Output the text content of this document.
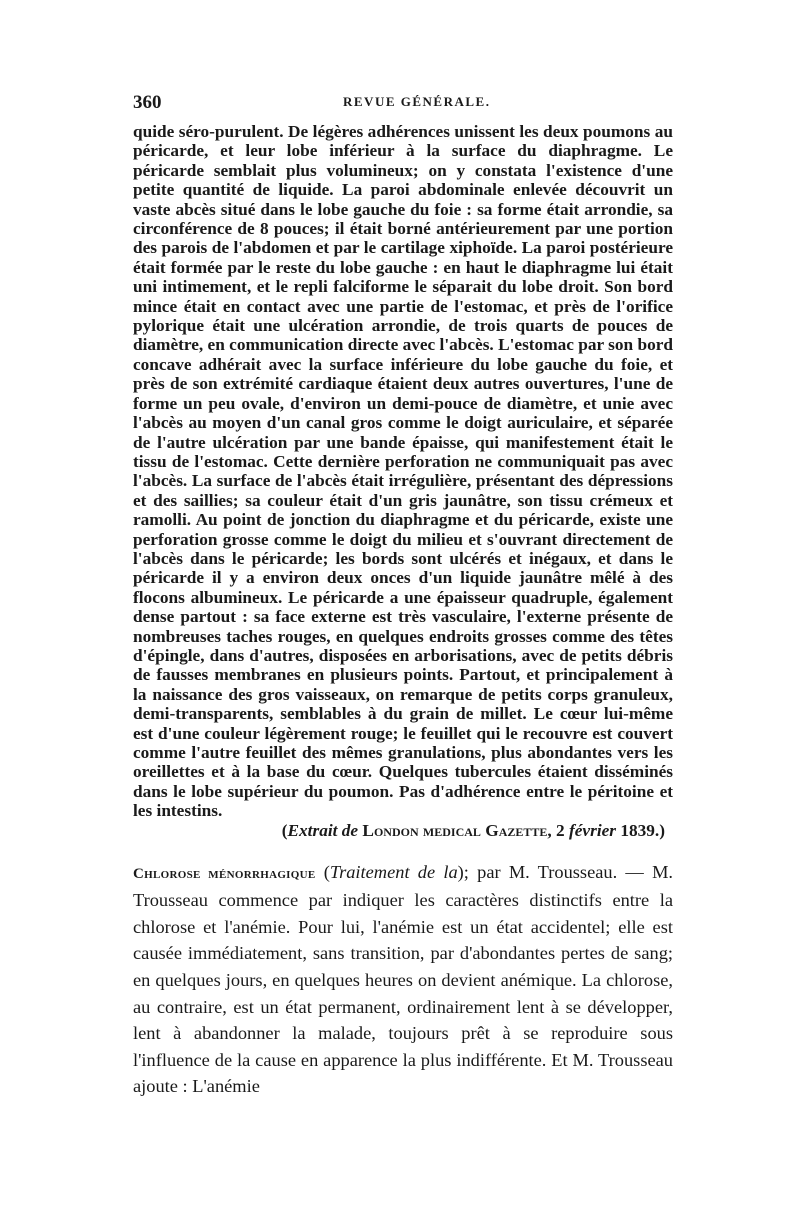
360	REVUE GÉNÉRALE.

quide séro-purulent. De légères adhérences unissent les deux poumons au péricarde, et leur lobe inférieur à la surface du diaphragme. Le péricarde semblait plus volumineux; on y constata l'existence d'une petite quantité de liquide. La paroi abdominale enlevée découvrit un vaste abcès situé dans le lobe gauche du foie : sa forme était arrondie, sa circonférence de 8 pouces; il était borné antérieurement par une portion des parois de l'abdomen et par le cartilage xiphoïde. La paroi postérieure était formée par le reste du lobe gauche : en haut le diaphragme lui était uni intimement, et le repli falciforme le séparait du lobe droit. Son bord mince était en contact avec une partie de l'estomac, et près de l'orifice pylorique était une ulcération arrondie, de trois quarts de pouces de diamètre, en communication directe avec l'abcès. L'estomac par son bord concave adhérait avec la surface inférieure du lobe gauche du foie, et près de son extrémité cardiaque étaient deux autres ouvertures, l'une de forme un peu ovale, d'environ un demi-pouce de diamètre, et unie avec l'abcès au moyen d'un canal gros comme le doigt auriculaire, et séparée de l'autre ulcération par une bande épaisse, qui manifestement était le tissu de l'estomac. Cette dernière perforation ne communiquait pas avec l'abcès. La surface de l'abcès était irrégulière, présentant des dépressions et des saillies; sa couleur était d'un gris jaunâtre, son tissu crémeux et ramolli. Au point de jonction du diaphragme et du péricarde, existe une perforation grosse comme le doigt du milieu et s'ouvrant directement de l'abcès dans le péricarde; les bords sont ulcérés et inégaux, et dans le péricarde il y a environ deux onces d'un liquide jaunâtre mêlé à des flocons albumineux. Le péricarde a une épaisseur quadruple, également dense partout : sa face externe est très vasculaire, l'externe présente de nombreuses taches rouges, en quelques endroits grosses comme des têtes d'épingle, dans d'autres, disposées en arborisations, avec de petits débris de fausses membranes en plusieurs points. Partout, et principalement à la naissance des gros vaisseaux, on remarque de petits corps granuleux, demi-transparents, semblables à du grain de millet. Le cœur lui-même est d'une couleur légèrement rouge; le feuillet qui le recouvre est couvert comme l'autre feuillet des mêmes granulations, plus abondantes vers les oreillettes et à la base du cœur. Quelques tubercules étaient disséminés dans le lobe supérieur du poumon. Pas d'adhérence entre le péritoine et les intestins.

(Extrait de London medical Gazette, 2 février 1839.)

Chlorose ménorrhagique (Traitement de la); par M. Trousseau. — M. Trousseau commence par indiquer les caractères distinctifs entre la chlorose et l'anémie. Pour lui, l'anémie est un état accidentel; elle est causée immédiatement, sans transition, par d'abondantes pertes de sang; en quelques jours, en quelques heures on devient anémique. La chlorose, au contraire, est un état permanent, ordinairement lent à se développer, lent à abandonner la malade, toujours prêt à se reproduire sous l'influence de la cause en apparence la plus indifférente. Et M. Trousseau ajoute : L'anémie
